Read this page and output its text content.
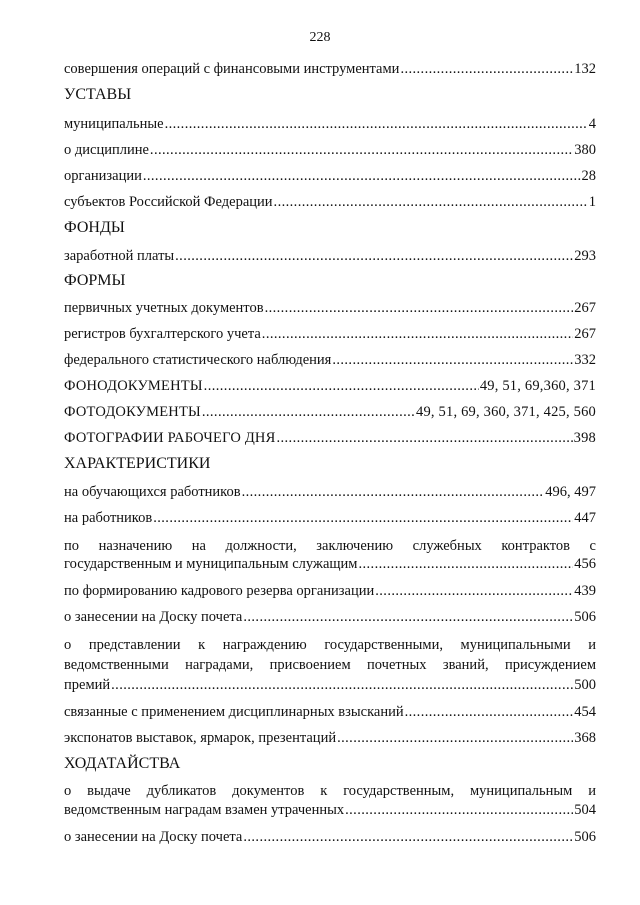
228
совершения операций с финансовыми инструментами .....	132
УСТАВЫ
муниципальные .....	4
о дисциплине .....	380
организации .....	28
субъектов Российской Федерации .....	1
ФОНДЫ
заработной платы .....	293
ФОРМЫ
первичных учетных документов .....	267
регистров бухгалтерского учета .....	267
федерального статистического наблюдения .....	332
ФОНОДОКУМЕНТЫ .....	49, 51, 69,360, 371
ФОТОДОКУМЕНТЫ .....	49, 51, 69, 360, 371, 425, 560
ФОТОГРАФИИ РАБОЧЕГО ДНЯ .....	398
ХАРАКТЕРИСТИКИ
на обучающихся работников .....	496, 497
на работников .....	447
по назначению на должности, заключению служебных контрактов с
государственным и муниципальным служащим .....	456
по формированию кадрового резерва организации .....	439
о занесении на Доску почета .....	506
о представлении к награждению государственными, муниципальными и
ведомственными наградами, присвоением почетных званий, присуждением
премий .....	500
связанные с применением дисциплинарных взысканий .....	454
экспонатов выставок, ярмарок, презентаций .....	368
ХОДАТАЙСТВА
о выдаче дубликатов документов к государственным, муниципальным и
ведомственным наградам взамен утраченных .....	504
о занесении на Доску почета .....	506
